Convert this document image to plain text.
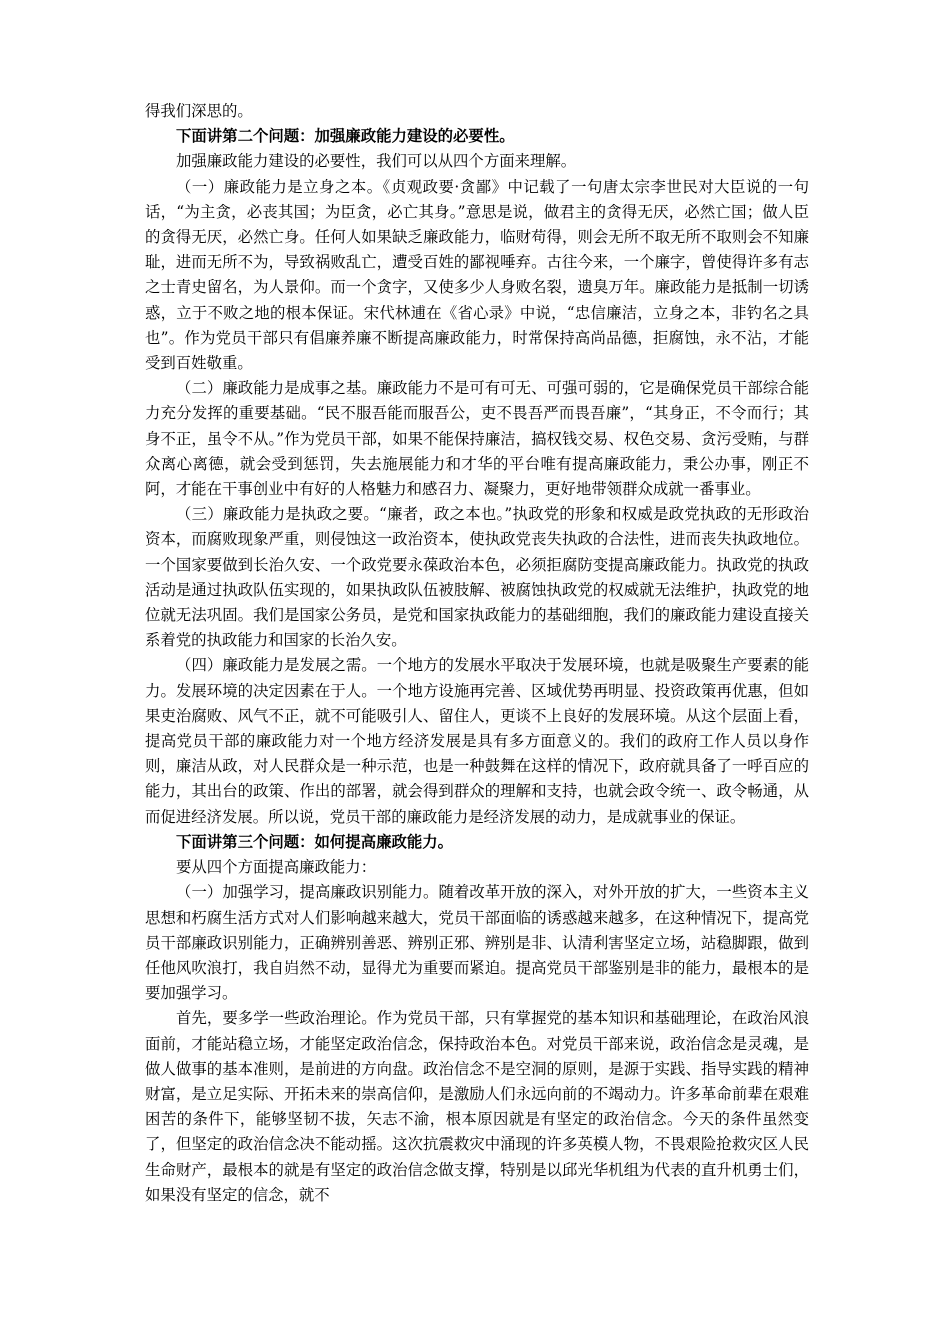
得我们深思的。

下面讲第二个问题：加强廉政能力建设的必要性。

加强廉政能力建设的必要性，我们可以从四个方面来理解。

（一）廉政能力是立身之本。《贞观政要·贪鄙》中记载了一句唐太宗李世民对大臣说的一句话，“为主贪，必丧其国；为臣贪，必亡其身。”意思是说，做君主的贪得无厌，必然亡国；做人臣的贪得无厌，必然亡身。任何人如果缺乏廉政能力，临财苟得，则会无所不取无所不取则会不知廉耻，进而无所不为，导致祸败乱亡，遭受百姓的鄙视唾弃。古往今来，一个廉字，曾使得许多有志之士青史留名，为人景仰。而一个贪字，又使多少人身败名裂，遗臭万年。廉政能力是抵制一切诱惑，立于不败之地的根本保证。宋代林逋在《省心录》中说，“忠信廉洁，立身之本，非钓名之具也”。作为党员干部只有倡廉养廉不断提高廉政能力，时常保持高尚品德，拒腐蚀，永不沾，才能受到百姓敬重。

（二）廉政能力是成事之基。廉政能力不是可有可无、可强可弱的，它是确保党员干部综合能力充分发挥的重要基础。“民不服吾能而服吾公，吏不畏吾严而畏吾廉”，“其身正，不令而行；其身不正，虽令不从。”作为党员干部，如果不能保持廉洁，搞权钱交易、权色交易、贪污受贿，与群众离心离德，就会受到惩罚，失去施展能力和才华的平台唯有提高廉政能力，秉公办事，刚正不阿，才能在干事创业中有好的人格魅力和感召力、凝聚力，更好地带领群众成就一番事业。

（三）廉政能力是执政之要。“廉者，政之本也。”执政党的形象和权威是政党执政的无形政治资本，而腐败现象严重，则侵蚀这一政治资本，使执政党丧失执政的合法性，进而丧失执政地位。一个国家要做到长治久安、一个政党要永葆政治本色，必须拒腐防变提高廉政能力。执政党的执政活动是通过执政队伍实现的，如果执政队伍被肢解、被腐蚀执政党的权威就无法维护，执政党的地位就无法巩固。我们是国家公务员，是党和国家执政能力的基础细胞，我们的廉政能力建设直接关系着党的执政能力和国家的长治久安。

（四）廉政能力是发展之需。一个地方的发展水平取决于发展环境，也就是吸聚生产要素的能力。发展环境的决定因素在于人。一个地方设施再完善、区域优势再明显、投资政策再优惠，但如果吏治腐败、风气不正，就不可能吸引人、留住人，更谈不上良好的发展环境。从这个层面上看，提高党员干部的廉政能力对一个地方经济发展是具有多方面意义的。我们的政府工作人员以身作则，廉洁从政，对人民群众是一种示范，也是一种鼓舞在这样的情况下，政府就具备了一呼百应的能力，其出台的政策、作出的部署，就会得到群众的理解和支持，也就会政令统一、政令畅通，从而促进经济发展。所以说，党员干部的廉政能力是经济发展的动力，是成就事业的保证。

下面讲第三个问题：如何提高廉政能力。

要从四个方面提高廉政能力：

（一）加强学习，提高廉政识别能力。随着改革开放的深入，对外开放的扩大，一些资本主义思想和朽腐生活方式对人们影响越来越大，党员干部面临的诱惑越来越多，在这种情况下，提高党员干部廉政识别能力，正确辨别善恶、辨别正邪、辨别是非、认清利害坚定立场，站稳脚跟，做到任他风吹浪打，我自岿然不动，显得尤为重要而紧迫。提高党员干部鉴别是非的能力，最根本的是要加强学习。

首先，要多学一些政治理论。作为党员干部，只有掌握党的基本知识和基础理论，在政治风浪面前，才能站稳立场，才能坚定政治信念，保持政治本色。对党员干部来说，政治信念是灵魂，是做人做事的基本准则，是前进的方向盘。政治信念不是空洞的原则，是源于实践、指导实践的精神财富，是立足实际、开拓未来的崇高信仰，是激励人们永远向前的不竭动力。许多革命前辈在艰难困苦的条件下，能够坚韧不拔，矢志不渝，根本原因就是有坚定的政治信念。今天的条件虽然变了，但坚定的政治信念决不能动摇。这次抗震救灾中涌现的许多英模人物，不畏艰险抢救灾区人民生命财产，最根本的就是有坚定的政治信念做支撑，特别是以邱光华机组为代表的直升机勇士们，如果没有坚定的信念，就不
